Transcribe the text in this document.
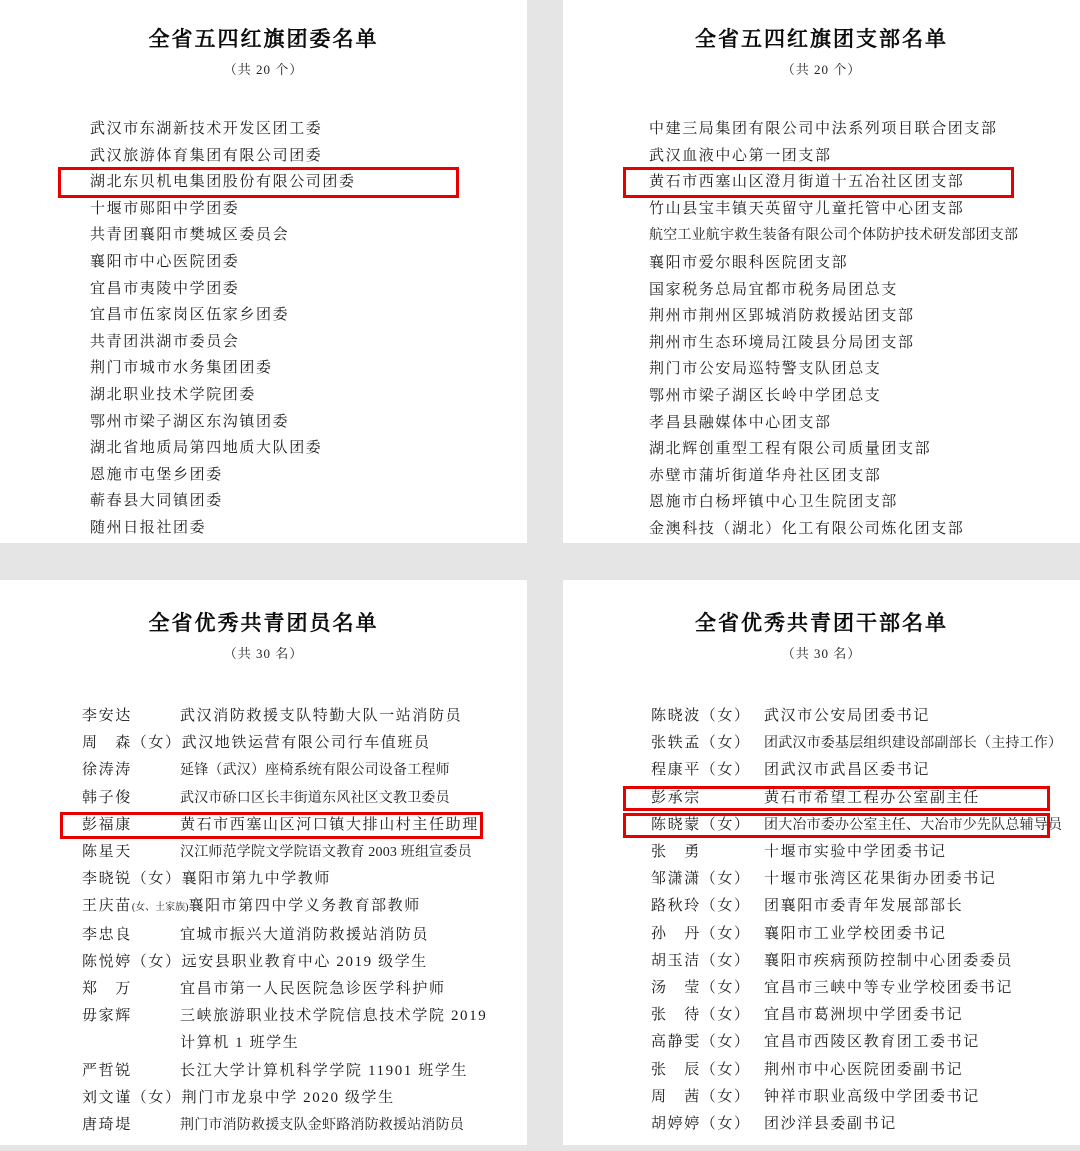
全省五四红旗团委名单
（共 20 个）
武汉市东湖新技术开发区团工委
武汉旅游体育集团有限公司团委
湖北东贝机电集团股份有限公司团委
十堰市郧阳中学团委
共青团襄阳市樊城区委员会
襄阳市中心医院团委
宜昌市夷陵中学团委
宜昌市伍家岗区伍家乡团委
共青团洪湖市委员会
荆门市城市水务集团团委
湖北职业技术学院团委
鄂州市梁子湖区东沟镇团委
湖北省地质局第四地质大队团委
恩施市屯堡乡团委
蕲春县大同镇团委
随州日报社团委
全省五四红旗团支部名单
（共 20 个）
中建三局集团有限公司中法系列项目联合团支部
武汉血液中心第一团支部
黄石市西塞山区澄月街道十五冶社区团支部
竹山县宝丰镇天英留守儿童托管中心团支部
航空工业航宇救生装备有限公司个体防护技术研发部团支部
襄阳市爱尔眼科医院团支部
国家税务总局宜都市税务局团总支
荆州市荆州区郢城消防救援站团支部
荆州市生态环境局江陵县分局团支部
荆门市公安局巡特警支队团总支
鄂州市梁子湖区长岭中学团总支
孝昌县融媒体中心团支部
湖北辉创重型工程有限公司质量团支部
赤壁市蒲圻街道华舟社区团支部
恩施市白杨坪镇中心卫生院团支部
金澳科技（湖北）化工有限公司炼化团支部
全省优秀共青团员名单
（共 30 名）
李安达	武汉消防救援支队特勤大队一站消防员
周　森（女）武汉地铁运营有限公司行车值班员
徐涛涛	延锋（武汉）座椅系统有限公司设备工程师
韩子俊	武汉市硚口区长丰街道东风社区文教卫委员
彭福康	黄石市西塞山区河口镇大排山村主任助理
陈星天	汉江师范学院文学院语文教育 2003 班组宣委员
李晓锐（女）襄阳市第九中学教师
王庆苗(女、土家族)襄阳市第四中学义务教育部教师
李忠良	宜城市振兴大道消防救援站消防员
陈悦婷（女）远安县职业教育中心 2019 级学生
郑　万	宜昌市第一人民医院急诊医学科护师
毋家辉	三峡旅游职业技术学院信息技术学院 2019
计算机 1 班学生
严哲锐	长江大学计算机科学学院 11901 班学生
刘文谨（女）荆门市龙泉中学 2020 级学生
唐琦堤	荆门市消防救援支队金虾路消防救援站消防员
全省优秀共青团干部名单
（共 30 名）
陈晓波（女） 武汉市公安局团委书记
张轶孟（女） 团武汉市委基层组织建设部副部长（主持工作）
程康平（女） 团武汉市武昌区委书记
彭承宗	黄石市希望工程办公室副主任
陈晓蒙（女） 团大冶市委办公室主任、大冶市少先队总辅导员
张　勇	十堰市实验中学团委书记
邹潇潇（女） 十堰市张湾区花果街办团委书记
路秋玲（女） 团襄阳市委青年发展部部长
孙　丹（女） 襄阳市工业学校团委书记
胡玉洁（女） 襄阳市疾病预防控制中心团委委员
汤　莹（女） 宜昌市三峡中等专业学校团委书记
张　待（女） 宜昌市葛洲坝中学团委书记
高静雯（女） 宜昌市西陵区教育团工委书记
张　辰（女） 荆州市中心医院团委副书记
周　茜（女） 钟祥市职业高级中学团委书记
胡婷婷（女） 团沙洋县委副书记
